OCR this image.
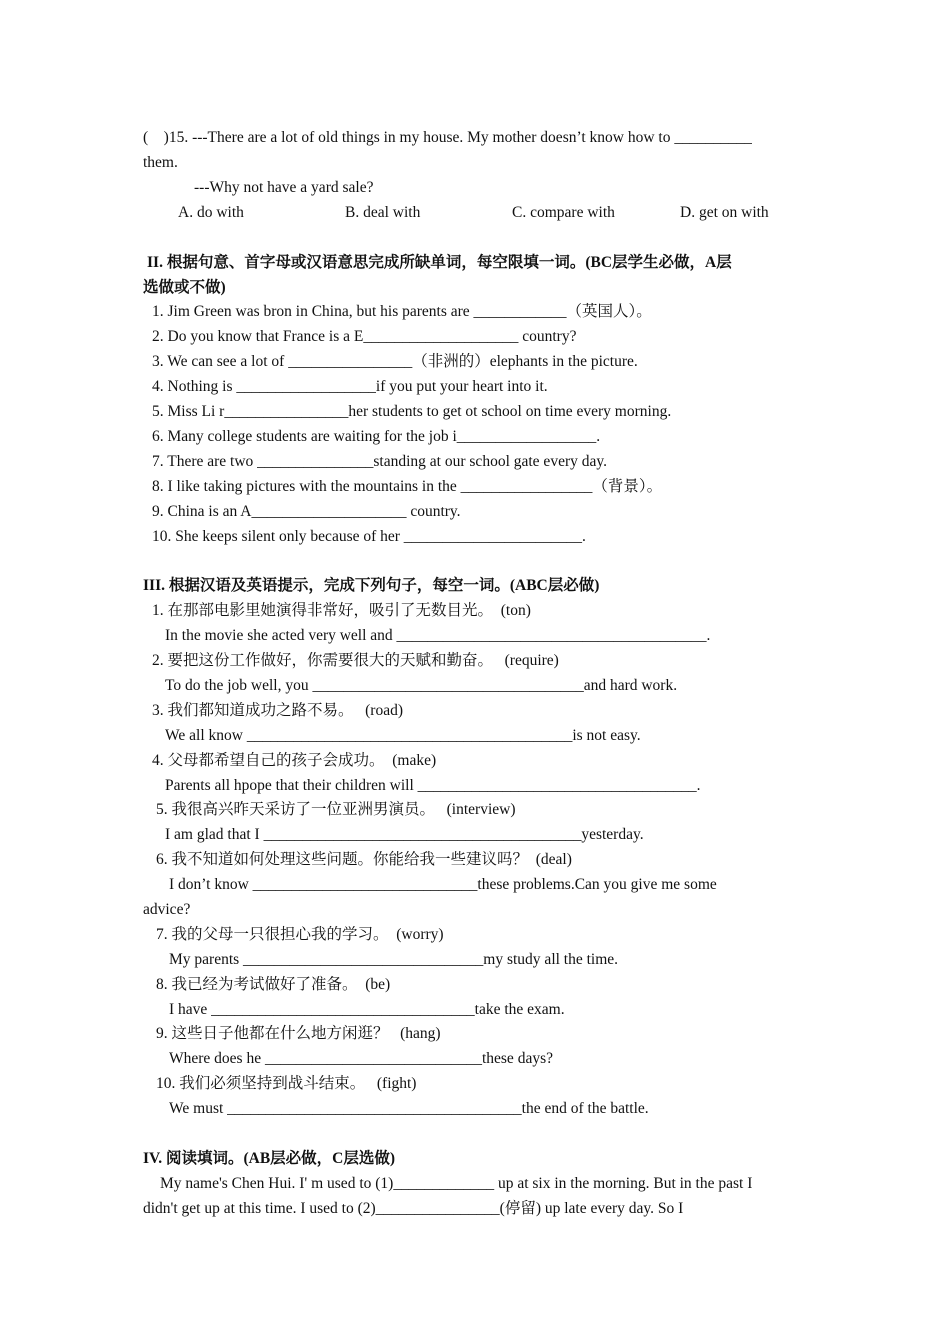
(    )15. ---There are a lot of old things in my house. My mother doesn’t know how to __________
them.
---Why not have a yard sale?
A. do with	B. deal with	C. compare with	D. get on with
II. 根据句意、首字母或汉语意思完成所缺单词，每空限填一词。(BC层学生必做，A层
选做或不做)
1. Jim Green was bron in China, but his parents are ____________（英国人）。
2. Do you know that France is a E____________________ country?
3. We can see a lot of ________________（非洲的）elephants in the picture.
4. Nothing is __________________if you put your heart into it.
5. Miss Li r________________her students to get ot school on time every morning.
6. Many college students are waiting for the job i__________________.
7. There are two _______________standing at our school gate every day.
8. I like taking pictures with the mountains in the _________________（背景）。
9. China is an A____________________ country.
10. She keeps silent only because of her _______________________.
III. 根据汉语及英语提示，完成下列句子，每空一词。(ABC层必做)
1. 在那部电影里她演得非常好，吸引了无数目光。  (ton)
In the movie she acted very well and ________________________________________.
2. 要把这份工作做好，你需要很大的天赋和勤奋。   (require)
To do the job well, you ___________________________________and hard work.
3. 我们都知道成功之路不易。   (road)
We all know __________________________________________is not easy.
4. 父母都希望自己的孩子会成功。  (make)
Parents all hpope that their children will ____________________________________.
5. 我很高兴昨天采访了一位亚洲男演员。   (interview)
I am glad that I _________________________________________yesterday.
6. 我不知道如何处理这些问题。你能给我一些建议吗？  (deal)
I don’t know _____________________________these problems.Can you give me some
advice?
7. 我的父母一只很担心我的学习。  (worry)
My parents _______________________________my study all the time.
8. 我已经为考试做好了准备。  (be)
I have __________________________________take the exam.
9. 这些日子他都在什么地方闲逛？   (hang)
Where does he ____________________________these days?
10. 我们必须坚持到战斗结束。   (fight)
We must ______________________________________the end of the battle.
IV. 阅读填词。(AB层必做，C层选做)
My name's Chen Hui. I' m used to (1)_____________ up at six in the morning. But in the past I
didn't get up at this time. I used to (2)________________(停留) up late every day. So I
